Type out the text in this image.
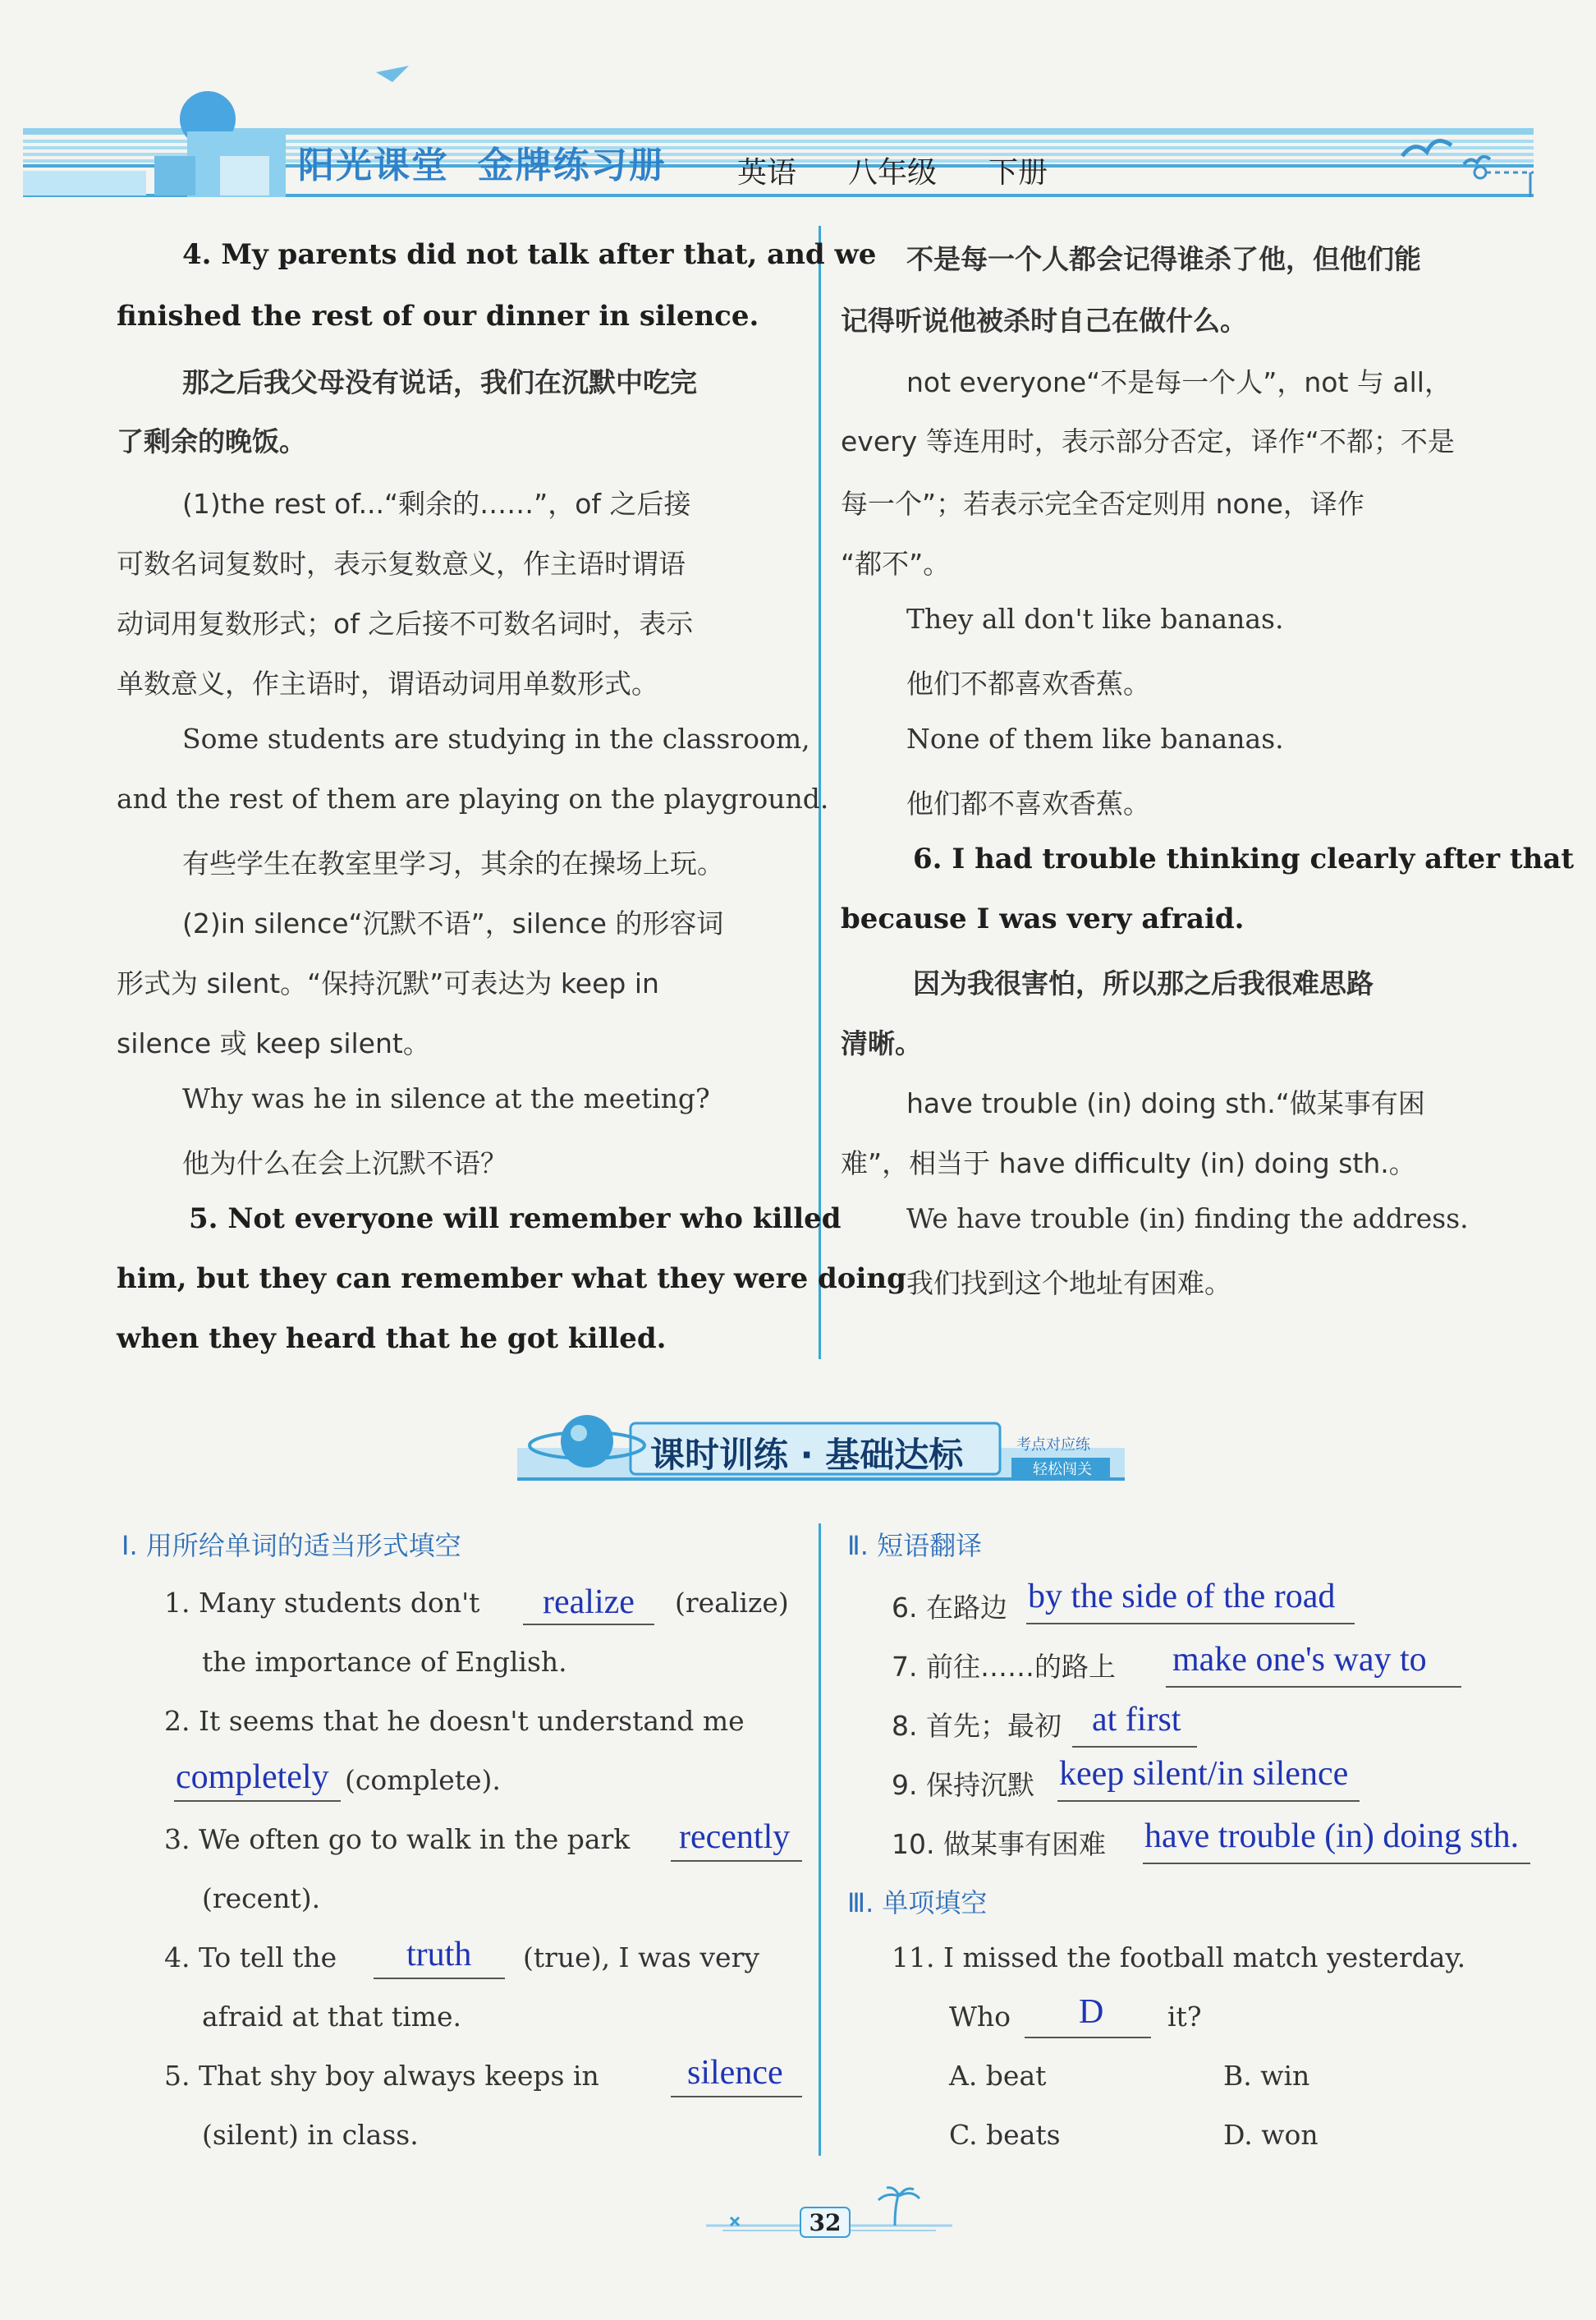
阳光课堂  金牌练习册 英语 八年级 下册
4. My parents did not talk after that, and we
finished the rest of our dinner in silence.
那之后我父母没有说话，我们在沉默中吃完
了剩余的晚饭。
(1)the rest of...“剩余的……”，of 之后接
可数名词复数时，表示复数意义，作主语时谓语
动词用复数形式；of 之后接不可数名词时，表示
单数意义，作主语时，谓语动词用单数形式。
Some students are studying in the classroom,
and the rest of them are playing on the playground.
有些学生在教室里学习，其余的在操场上玩。
(2)in silence“沉默不语”，silence 的形容词
形式为 silent。“保持沉默”可表达为 keep in
silence 或 keep silent。
Why was he in silence at the meeting?
他为什么在会上沉默不语？
5. Not everyone will remember who killed
him, but they can remember what they were doing
when they heard that he got killed.
不是每一个人都会记得谁杀了他，但他们能
记得听说他被杀时自己在做什么。
not everyone“不是每一个人”，not 与 all，
every 等连用时，表示部分否定，译作“不都；不是
每一个”；若表示完全否定则用 none，译作
“都不”。
They all don't like bananas.
他们不都喜欢香蕉。
None of them like bananas.
他们都不喜欢香蕉。
6. I had trouble thinking clearly after that
because I was very afraid.
因为我很害怕，所以那之后我很难思路
清晰。
have trouble (in) doing sth.“做某事有困
难”，相当于 have difficulty (in) doing sth.。
We have trouble (in) finding the address.
我们找到这个地址有困难。
课时训练 · 基础达标	考点对应练
轻松闯关
Ⅰ. 用所给单词的适当形式填空
1. Many students don't realize (realize)
the importance of English.
2. It seems that he doesn't understand me
completely (complete).
3. We often go to walk in the park recently
(recent).
4. To tell the truth (true), I was very
afraid at that time.
5. That shy boy always keeps in	silence
(silent) in class.
Ⅱ. 短语翻译
6. 在路边 by the side of the road
7. 前往……的路上 make one's way to
8. 首先；最初 at first
9. 保持沉默 keep silent/in silence
10. 做某事有困难 have trouble (in) doing sth.
Ⅲ. 单项填空
11. I missed the football match yesterday.
Who D it?
A. beat	B. win
C. beats	D. won
32
